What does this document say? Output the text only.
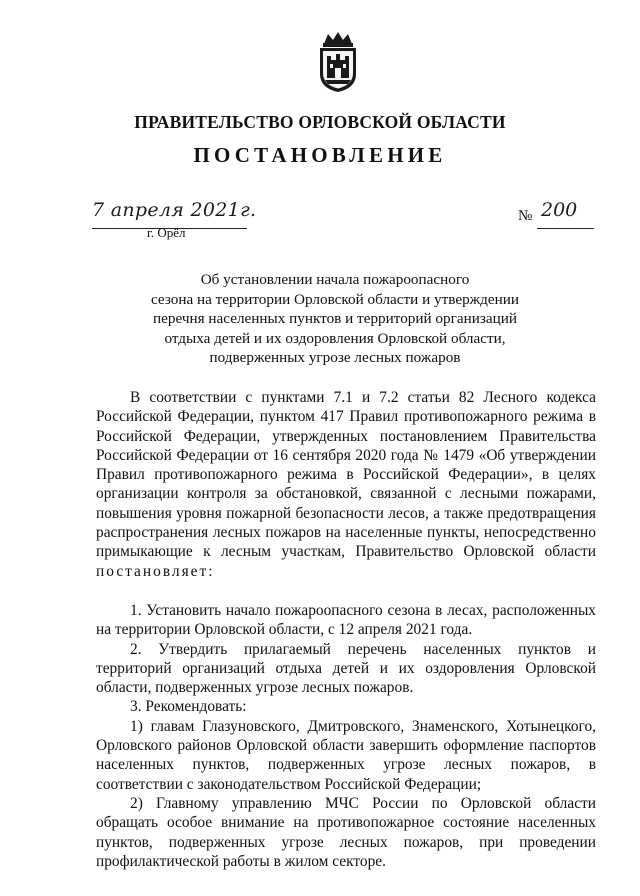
ПРАВИТЕЛЬСТВО ОРЛОВСКОЙ ОБЛАСТИ
ПОСТАНОВЛЕНИЕ
7 апреля 2021г.
г. Орёл
№ 200
Об установлении начала пожароопасного
сезона на территории Орловской области и утверждении
перечня населенных пунктов и территорий организаций
отдыха детей и их оздоровления Орловской области,
подверженных угрозе лесных пожаров

В соответствии с пунктами 7.1 и 7.2 статьи 82 Лесного кодекса Российской Федерации, пунктом 417 Правил противопожарного режима в Российской Федерации, утвержденных постановлением Правительства Российской Федерации от 16 сентября 2020 года № 1479 «Об утверждении Правил противопожарного режима в Российской Федерации», в целях организации контроля за обстановкой, связанной с лесными пожарами, повышения уровня пожарной безопасности лесов, а также предотвращения распространения лесных пожаров на населенные пункты, непосредственно примыкающие к лесным участкам, Правительство Орловской области постановляет:

1. Установить начало пожароопасного сезона в лесах, расположенных на территории Орловской области, с 12 апреля 2021 года.

2. Утвердить прилагаемый перечень населенных пунктов и территорий организаций отдыха детей и их оздоровления Орловской области, подверженных угрозе лесных пожаров.

3. Рекомендовать:

1) главам Глазуновского, Дмитровского, Знаменского, Хотынецкого, Орловского районов Орловской области завершить оформление паспортов населенных пунктов, подверженных угрозе лесных пожаров, в соответствии с законодательством Российской Федерации;

2) Главному управлению МЧС России по Орловской области обращать особое внимание на противопожарное состояние населенных пунктов, подверженных угрозе лесных пожаров, при проведении профилактической работы в жилом секторе.
